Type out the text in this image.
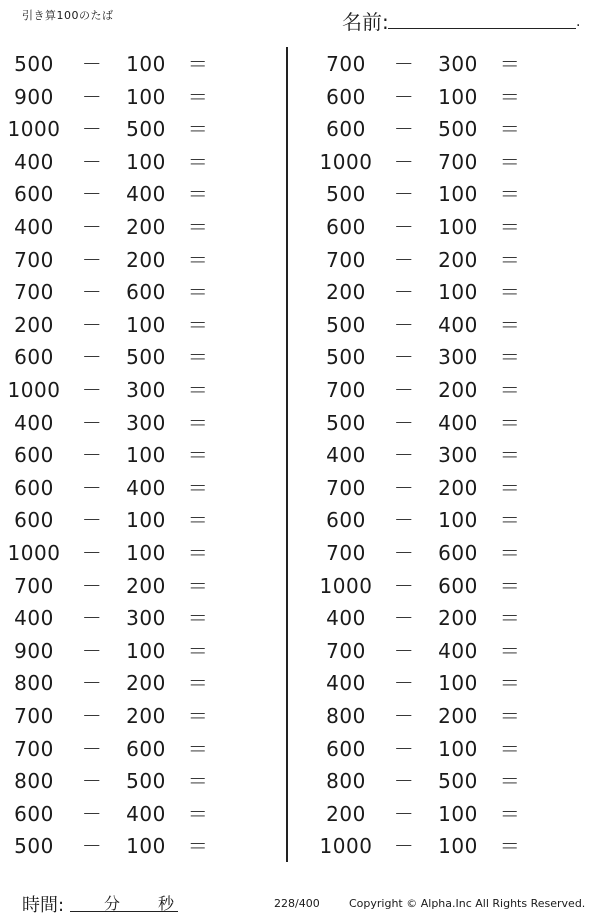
引き算100のたば	名前:	.
500 － 100 ＝
900 － 100 ＝
1000 － 500 ＝
400 － 100 ＝
600 － 400 ＝
400 － 200 ＝
700 － 200 ＝
700 － 600 ＝
200 － 100 ＝
600 － 500 ＝
1000 － 300 ＝
400 － 300 ＝
600 － 100 ＝
600 － 400 ＝
600 － 100 ＝
1000 － 100 ＝
700 － 200 ＝
400 － 300 ＝
900 － 100 ＝
800 － 200 ＝
700 － 200 ＝
700 － 600 ＝
800 － 500 ＝
600 － 400 ＝
500 － 100 ＝
700 － 300 ＝
600 － 100 ＝
600 － 500 ＝
1000 － 700 ＝
500 － 100 ＝
600 － 100 ＝
700 － 200 ＝
200 － 100 ＝
500 － 400 ＝
500 － 300 ＝
700 － 200 ＝
500 － 400 ＝
400 － 300 ＝
700 － 200 ＝
600 － 100 ＝
700 － 600 ＝
1000 － 600 ＝
400 － 200 ＝
700 － 400 ＝
400 － 100 ＝
800 － 200 ＝
600 － 100 ＝
800 － 500 ＝
200 － 100 ＝
1000 － 100 ＝
時間: 分 秒	228/400	Copyright © Alpha.Inc All Rights Reserved.
